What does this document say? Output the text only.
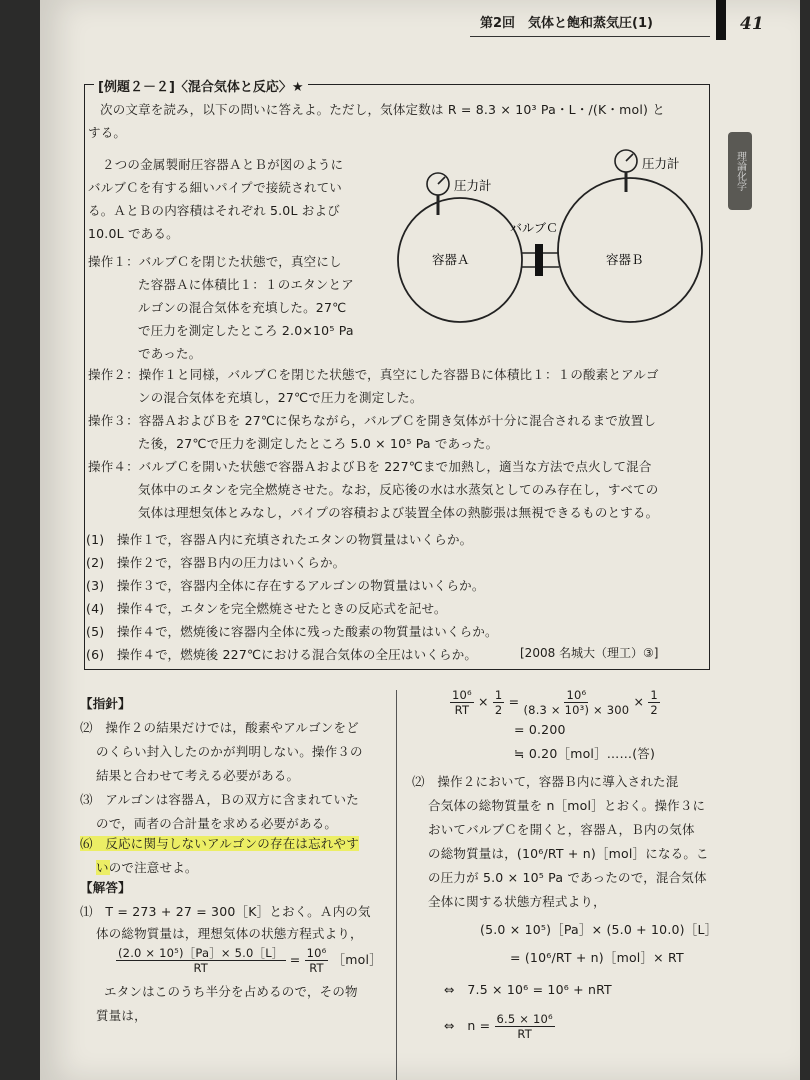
第2回　気体と飽和蒸気圧(1)	41
理論化学
[例題２－２]〈混合気体と反応〉★
次の文章を読み，以下の問いに答えよ。ただし，気体定数は R = 8.3 × 10³ Pa・L・/(K・mol) と
する。
２つの金属製耐圧容器ＡとＢが図のように
バルブＣを有する細いパイプで接続されてい
る。ＡとＢの内容積はそれぞれ 5.0L および
10.0L である。
操作１：バルブＣを閉じた状態で，真空にし
た容器Ａに体積比１：１のエタンとア
ルゴンの混合気体を充填した。27℃
で圧力を測定したところ 2.0×10⁵ Pa
であった。
操作２：操作１と同様，バルブＣを閉じた状態で，真空にした容器Ｂに体積比１：１の酸素とアルゴ
ンの混合気体を充填し，27℃で圧力を測定した。
操作３：容器ＡおよびＢを 27℃に保ちながら，バルブＣを開き気体が十分に混合されるまで放置し
た後，27℃で圧力を測定したところ 5.0 × 10⁵ Pa であった。
操作４：バルブＣを開いた状態で容器ＡおよびＢを 227℃まで加熱し，適当な方法で点火して混合
気体中のエタンを完全燃焼させた。なお，反応後の水は水蒸気としてのみ存在し，すべての
気体は理想気体とみなし，パイプの容積および装置全体の熱膨張は無視できるものとする。
(1)　操作１で，容器Ａ内に充填されたエタンの物質量はいくらか。
(2)　操作２で，容器Ｂ内の圧力はいくらか。
(3)　操作３で，容器内全体に存在するアルゴンの物質量はいくらか。
(4)　操作４で，エタンを完全燃焼させたときの反応式を記せ。
(5)　操作４で，燃焼後に容器内全体に残った酸素の物質量はいくらか。
(6)　操作４で，燃焼後 227℃における混合気体の全圧はいくらか。	[2008 名城大（理工）③]
圧力計
圧力計
バルブＣ
容器Ａ	容器Ｂ
【指針】
⑵　操作２の結果だけでは，酸素やアルゴンをど
のくらい封入したのかが判明しない。操作３の
結果と合わせて考える必要がある。
⑶　アルゴンは容器Ａ，Ｂの双方に含まれていた
ので，両者の合計量を求める必要がある。
⑹　反応に関与しないアルゴンの存在は忘れやす
いので注意せよ。
【解答】
⑴　T = 273 + 27 = 300［K］とおく。Ａ内の気
体の総物質量は，理想気体の状態方程式より，
$\frac{\text{(2.0 × 10⁵)［Pa］× 5.0［L］}}{RT} = \frac{\text{10⁶}}{RT}$ ［mol］
エタンはこのうち半分を占めるので，その物
質量は，
$\frac{\text{10⁶}}{RT} \times \frac{1}{2} = \frac{\text{10⁶}}{\text{(8.3 × 10³) × 300}} \times \frac{1}{2}$
= 0.200
≒ 0.20［mol］……(答)
⑵　操作２において，容器Ｂ内に導入された混
合気体の総物質量を n［mol］とおく。操作３に
おいてバルブＣを開くと，容器Ａ，Ｂ内の気体
の総物質量は，(10⁶/RT + n)［mol］になる。こ
の圧力が 5.0 × 10⁵ Pa であったので，混合気体
全体に関する状態方程式より，
(5.0 × 10⁵)［Pa］× (5.0 + 10.0)［L］
= (10⁶/RT + n)［mol］× RT
⇔　7.5 × 10⁶ = 10⁶ + nRT
⇔　$n = \frac{\text{6.5 × 10⁶}}{RT}$
